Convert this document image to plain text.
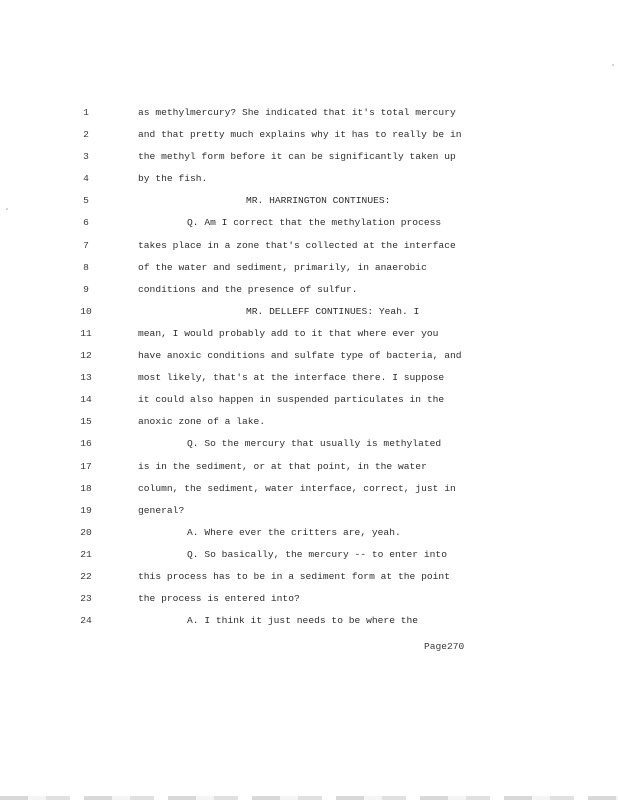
1	as methylmercury? She indicated that it's total mercury
2	and that pretty much explains why it has to really be in
3	the methyl form before it can be significantly taken up
4	by the fish.
5	MR. HARRINGTON CONTINUES:
6	Q. Am I correct that the methylation process
7	takes place in a zone that's collected at the interface
8	of the water and sediment, primarily, in anaerobic
9	conditions and the presence of sulfur.
10	MR. DELLEFF CONTINUES: Yeah. I
11	mean, I would probably add to it that where ever you
12	have anoxic conditions and sulfate type of bacteria, and
13	most likely, that's at the interface there. I suppose
14	it could also happen in suspended particulates in the
15	anoxic zone of a lake.
16	Q. So the mercury that usually is methylated
17	is in the sediment, or at that point, in the water
18	column, the sediment, water interface, correct, just in
19	general?
20	A. Where ever the critters are, yeah.
21	Q. So basically, the mercury -- to enter into
22	this process has to be in a sediment form at the point
23	the process is entered into?
24	A. I think it just needs to be where the
Page270
